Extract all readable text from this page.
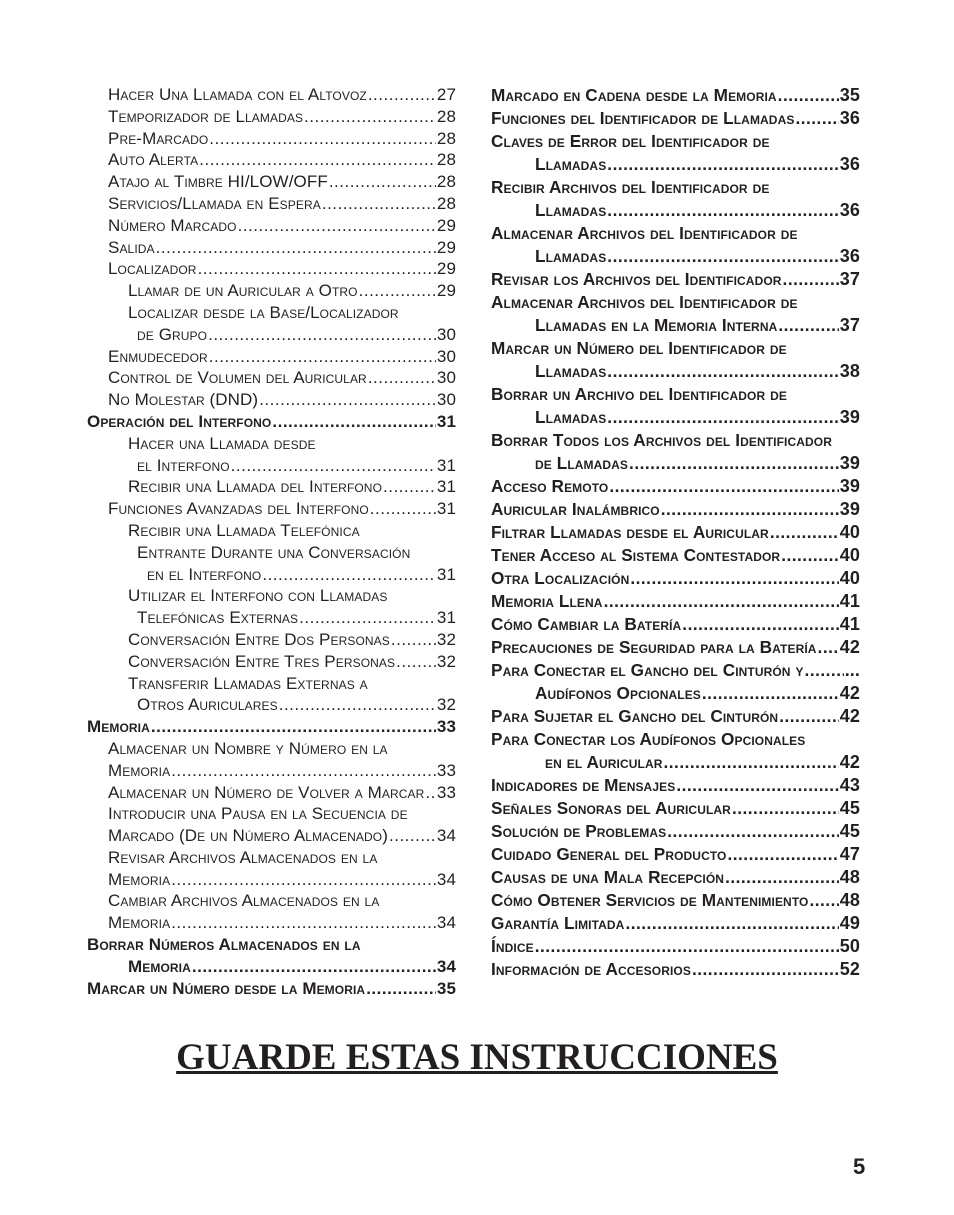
Hacer Una Llamada con el Altovoz .....	27
Temporizador de Llamadas .....	28
Pre-Marcado .....	28
Auto Alerta .....	28
Atajo al Timbre HI/LOW/OFF .....	28
Servicios/Llamada en Espera .....	28
Número Marcado .....	29
Salida .....	29
Localizador .....	29
Llamar de un Auricular a Otro .....	29
Localizar desde la Base/Localizador
de Grupo .....	30
Enmudecedor .....	30
Control de Volumen del Auricular .....	30
No Molestar (DND) .....	30
Operación del Interfono .....	31
Hacer una Llamada desde
el Interfono .....	31
Recibir una Llamada del Interfono .....	31
Funciones Avanzadas del Interfono .....	31
Recibir una Llamada Telefónica
Entrante Durante una Conversación
en el Interfono .....	31
Utilizar el Interfono con Llamadas
Telefónicas Externas .....	31
Conversación Entre Dos Personas .....	32
Conversación Entre Tres Personas ..... 32
Transferir Llamadas Externas a
Otros Auriculares .....	32
Memoria .....	33
Almacenar un Nombre y Número en la
Memoria .....	33
Almacenar un Número de Volver a Marcar ..... 33
Introducir una Pausa en la Secuencia de
Marcado (De un Número Almacenado) .....	34
Revisar Archivos Almacenados en la
Memoria .....	34
Cambiar Archivos Almacenados en la
Memoria .....	34
Borrar Números Almacenados en la
Memoria .....	34
Marcar un Número desde la Memoria .....	35
Marcado en Cadena desde la Memoria .....	35
Funciones del Identificador de Llamadas .....	36
Claves de Error del Identificador de
Llamadas .....	36
Recibir Archivos del Identificador de
Llamadas .....	36
Almacenar Archivos del Identificador de
Llamadas .....	36
Revisar los Archivos del Identificador .....	37
Almacenar Archivos del Identificador de
Llamadas en la Memoria Interna .....	37
Marcar un Número del Identificador de
Llamadas .....	38
Borrar un Archivo del Identificador de
Llamadas .....	39
Borrar Todos los Archivos del Identificador
de Llamadas .....	39
Acceso Remoto .....	39
Auricular Inalámbrico .....	39
Filtrar Llamadas desde el Auricular .....	40
Tener Acceso al Sistema Contestador .....	40
Otra Localización .....	40
Memoria Llena .....	41
Cómo Cambiar la Batería .....	41
Precauciones de Seguridad para la Batería ..... 42
Para Conectar el Gancho del Cinturón y ..... ...
Audífonos Opcionales .....	42
Para Sujetar el Gancho del Cinturón .....	42
Para Conectar los Audífonos Opcionales
en el Auricular .....	42
Indicadores de Mensajes .....	43
Señales Sonoras del Auricular .....	45
Solución de Problemas .....	45
Cuidado General del Producto .....	47
Causas de una Mala Recepción .....	48
Cómo Obtener Servicios de Mantenimiento ..... 48
Garantía Limitada .....	49
Índice .....	50
Información de Accesorios .....	52
GUARDE ESTAS INSTRUCCIONES
5
